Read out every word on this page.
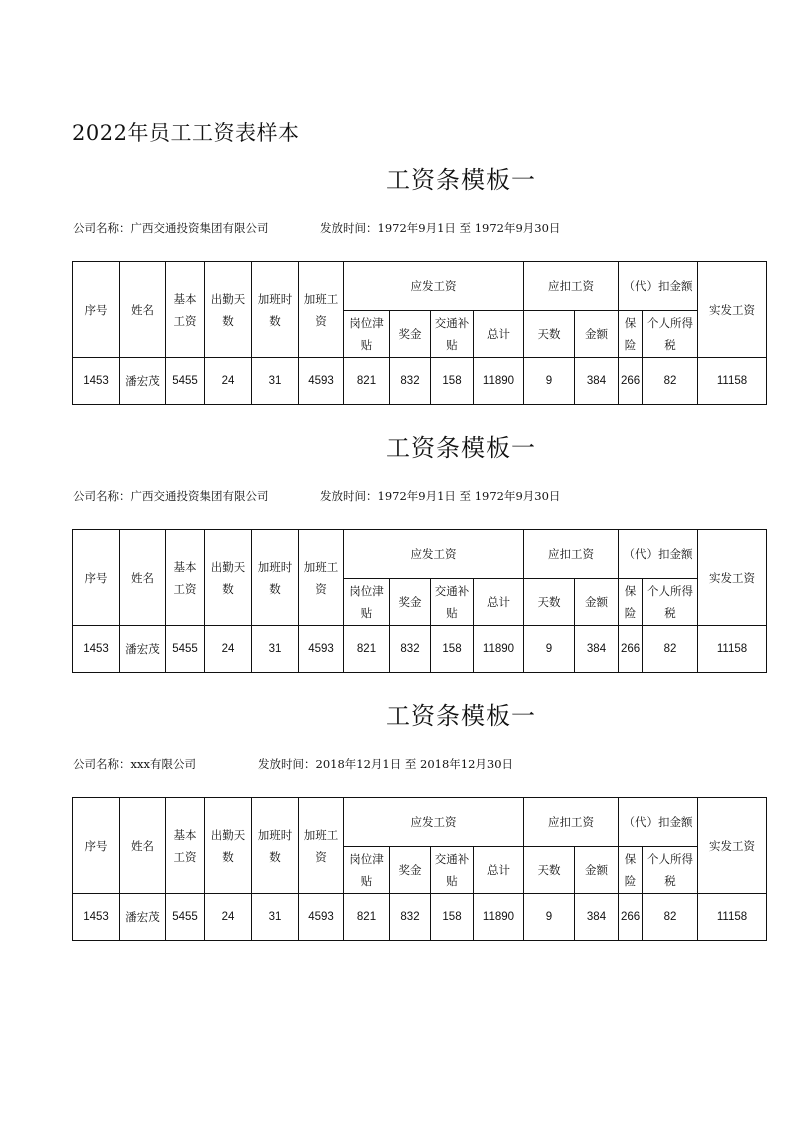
2022年员工工资表样本
工资条模板一
公司名称：广西交通投资集团有限公司	发放时间：1972年9月1日 至 1972年9月30日
序号	姓名	基本工资	出勤天数	加班时数	加班工资	应发工资				应扣工资		（代）扣金额		实发工资
						岗位津贴	奖金	交通补贴	总计	天数	金额	保险	个人所得税	
1453	潘宏茂	5455	24	31	4593	821	832	158	11890	9	384	266	82	11158
工资条模板一
公司名称：广西交通投资集团有限公司	发放时间：1972年9月1日 至 1972年9月30日
序号	姓名	基本工资	出勤天数	加班时数	加班工资	应发工资				应扣工资		（代）扣金额		实发工资
						岗位津贴	奖金	交通补贴	总计	天数	金额	保险	个人所得税	
1453	潘宏茂	5455	24	31	4593	821	832	158	11890	9	384	266	82	11158
工资条模板一
公司名称：xxx有限公司	发放时间：2018年12月1日 至 2018年12月30日
序号	姓名	基本工资	出勤天数	加班时数	加班工资	应发工资				应扣工资		（代）扣金额		实发工资
						岗位津贴	奖金	交通补贴	总计	天数	金额	保险	个人所得税	
1453	潘宏茂	5455	24	31	4593	821	832	158	11890	9	384	266	82	11158
